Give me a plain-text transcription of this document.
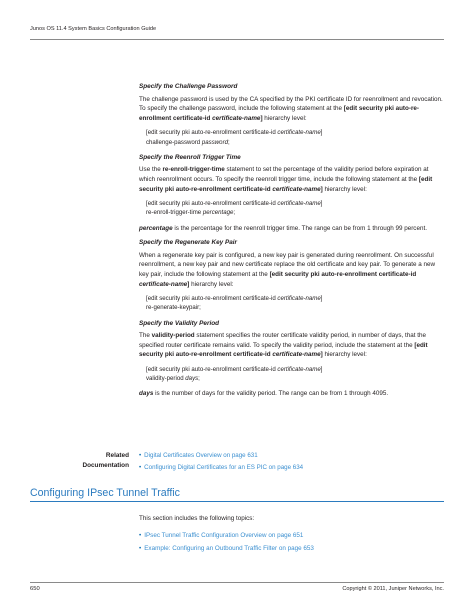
Junos OS 11.4 System Basics Configuration Guide
Specify the Challenge Password
The challenge password is used by the CA specified by the PKI certificate ID for reenrollment and revocation. To specify the challenge password, include the following statement at the [edit security pki auto-re-enrollment certificate-id certificate-name] hierarchy level:
[edit security pki auto-re-enrollment certificate-id certificate-name]
challenge-password password;
Specify the Reenroll Trigger Time
Use the re-enroll-trigger-time statement to set the percentage of the validity period before expiration at which reenrollment occurs. To specify the reenroll trigger time, include the following statement at the [edit security pki auto-re-enrollment certificate-id certificate-name] hierarchy level:
[edit security pki auto-re-enrollment certificate-id certificate-name]
re-enroll-trigger-time percentage;
percentage is the percentage for the reenroll trigger time. The range can be from 1 through 99 percent.
Specify the Regenerate Key Pair
When a regenerate key pair is configured, a new key pair is generated during reenrollment. On successful reenrollment, a new key pair and new certificate replace the old certificate and key pair. To generate a new key pair, include the following statement at the [edit security pki auto-re-enrollment certificate-id certificate-name] hierarchy level:
[edit security pki auto-re-enrollment certificate-id certificate-name]
re-generate-keypair;
Specify the Validity Period
The validity-period statement specifies the router certificate validity period, in number of days, that the specified router certificate remains valid. To specify the validity period, include the statement at the [edit security pki auto-re-enrollment certificate-id certificate-name] hierarchy level:
[edit security pki auto-re-enrollment certificate-id certificate-name]
validity-period days;
days is the number of days for the validity period. The range can be from 1 through 4095.
Related
Documentation
• Digital Certificates Overview on page 631
• Configuring Digital Certificates for an ES PIC on page 634
Configuring IPsec Tunnel Traffic
This section includes the following topics:
• IPsec Tunnel Traffic Configuration Overview on page 651
• Example: Configuring an Outbound Traffic Filter on page 653
650	Copyright © 2011, Juniper Networks, Inc.
